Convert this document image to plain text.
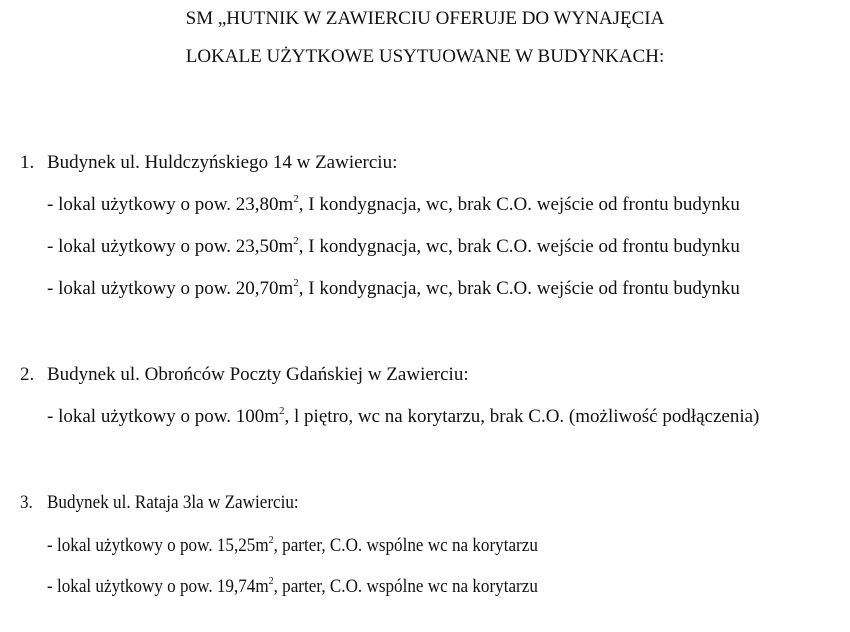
SM „HUTNIK W ZAWIERCIU OFERUJE DO WYNAJĘCIA
LOKALE UŻYTKOWE USYTUOWANE W BUDYNKACH:
1. Budynek ul. Huldczyńskiego 14 w Zawierciu:
- lokal użytkowy o pow. $23,80m^2$, I kondygnacja, wc, brak C.O. wejście od frontu budynku
- lokal użytkowy o pow. $23,50m^2$, I kondygnacja, wc, brak C.O. wejście od frontu budynku
- lokal użytkowy o pow. $20,70m^2$, I kondygnacja, wc, brak C.O. wejście od frontu budynku
2. Budynek ul. Obrońców Poczty Gdańskiej w Zawierciu:
- lokal użytkowy o pow. $100m^2$, l piętro, wc na korytarzu, brak C.O. (możliwość podłączenia)
3. Budynek ul. Rataja 3la w Zawierciu:
- lokal użytkowy o pow. $15,25m^2$, parter, C.O. wspólne wc na korytarzu
- lokal użytkowy o pow. $19,74m^2$, parter, C.O. wspólne wc na korytarzu
